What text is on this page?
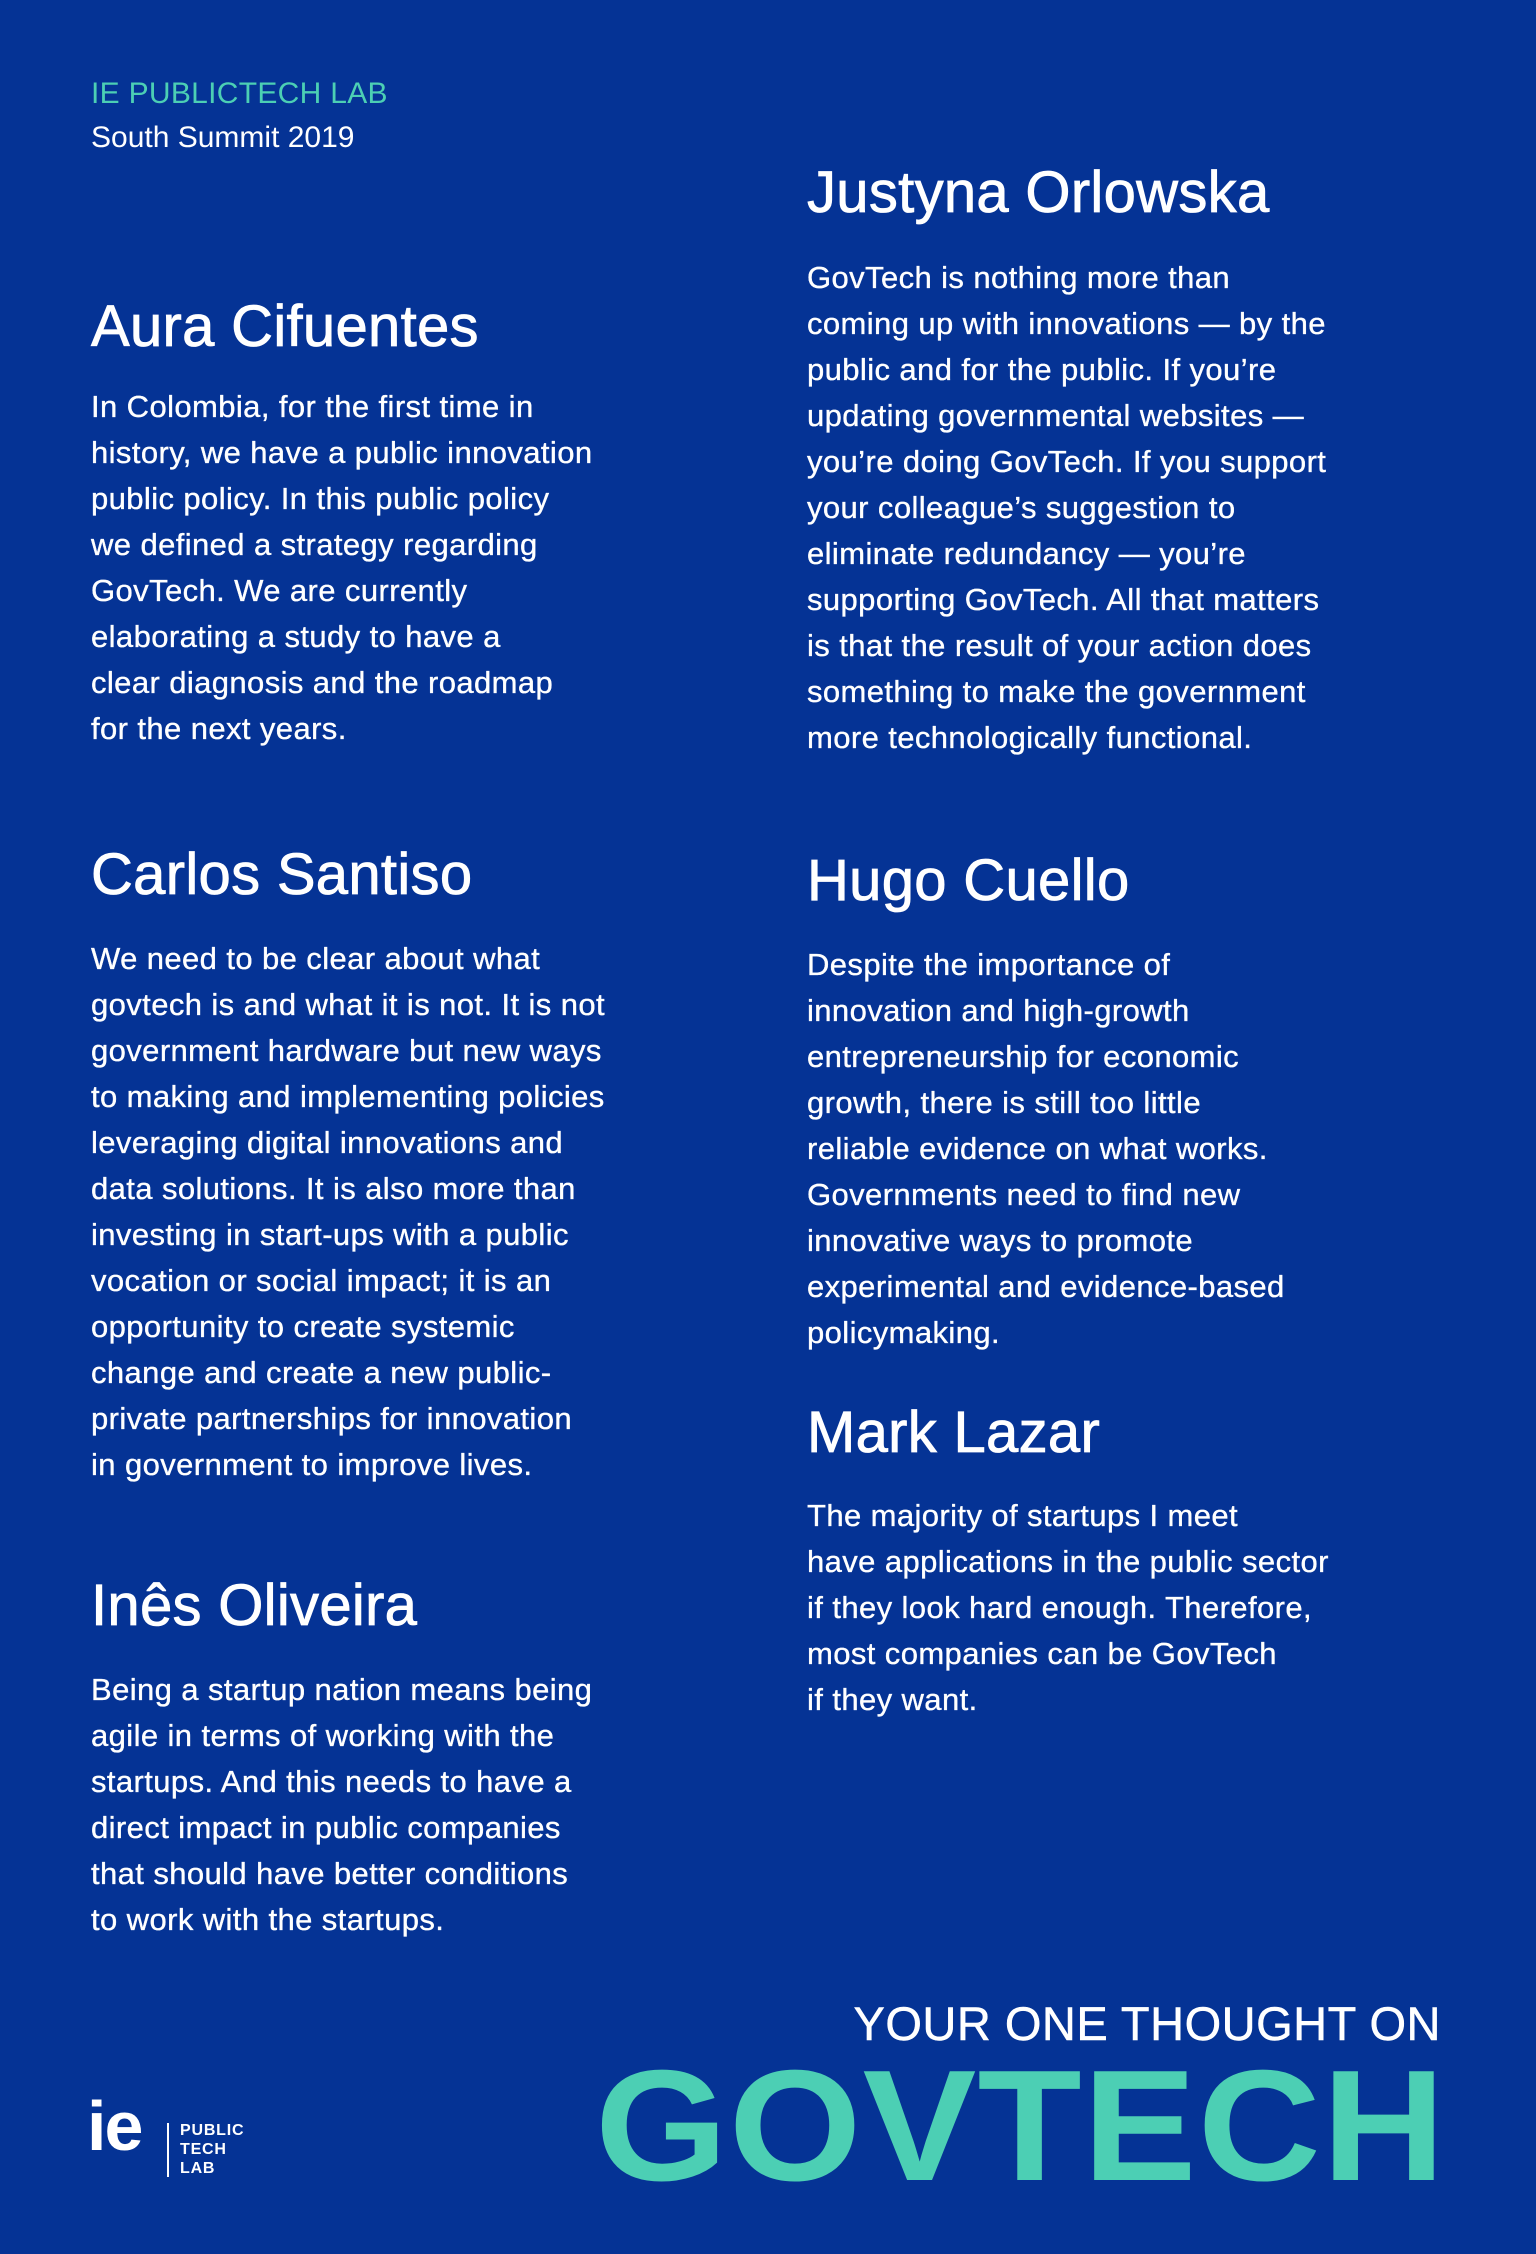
IE PUBLICTECH LAB
South Summit 2019
Aura Cifuentes
In Colombia, for the first time in
history, we have a public innovation
public policy. In this public policy
we defined a strategy regarding
GovTech. We are currently
elaborating a study to have a
clear diagnosis and the roadmap
for the next years.
Carlos Santiso
We need to be clear about what
govtech is and what it is not. It is not
government hardware but new ways
to making and implementing policies
leveraging digital innovations and
data solutions. It is also more than
investing in start-ups with a public
vocation or social impact; it is an
opportunity to create systemic
change and create a new public-
private partnerships for innovation
in government to improve lives.
Inês Oliveira
Being a startup nation means being
agile in terms of working with the
startups. And this needs to have a
direct impact in public companies
that should have better conditions
to work with the startups.
Justyna Orlowska
GovTech is nothing more than
coming up with innovations — by the
public and for the public. If you’re
updating governmental websites —
you’re doing GovTech. If you support
your colleague’s suggestion to
eliminate redundancy — you’re
supporting GovTech. All that matters
is that the result of your action does
something to make the government
more technologically functional.
Hugo Cuello
Despite the importance of
innovation and high-growth
entrepreneurship for economic
growth, there is still too little
reliable evidence on what works.
Governments need to find new
innovative ways to promote
experimental and evidence-based
policymaking.
Mark Lazar
The majority of startups I meet
have applications in the public sector
if they look hard enough. Therefore,
most companies can be GovTech
if they want.
YOUR ONE THOUGHT ON
GOVTECH
ie PUBLIC
TECH
LAB
